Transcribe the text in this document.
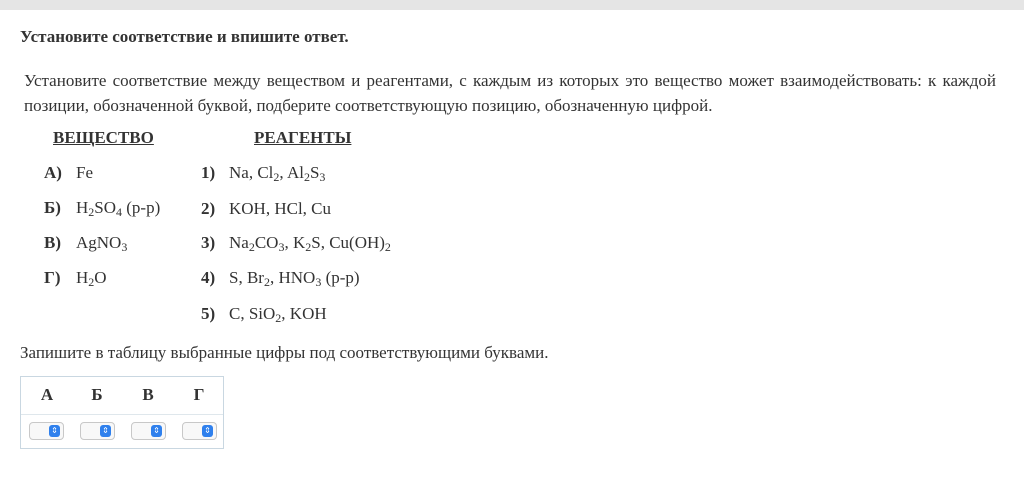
Установите соответствие и впишите ответ.
Установите соответствие между веществом и реагентами, с каждым из которых это вещество может взаимодействовать: к каждой позиции, обозначенной буквой, подберите соответствующую позицию, обозначенную цифрой.
ВЕЩЕСТВО	РЕАГЕНТЫ
А) Fe
Б) $H_2SO_4$ (р-р)
В) AgNO$_3$
Г) $H_2O$
1) Na, $Cl_2$, $Al_2S_3$
2) KOH, HCl, Cu
3) $Na_2CO_3$, $K_2S$, $Cu(OH)_2$
4) S, $Br_2$, $HNO_3$ (р-р)
5) C, SiO$_2$, KOH
Запишите в таблицу выбранные цифры под соответствующими буквами.
А	Б	В	Г
⇕	⇕	⇕	⇕
